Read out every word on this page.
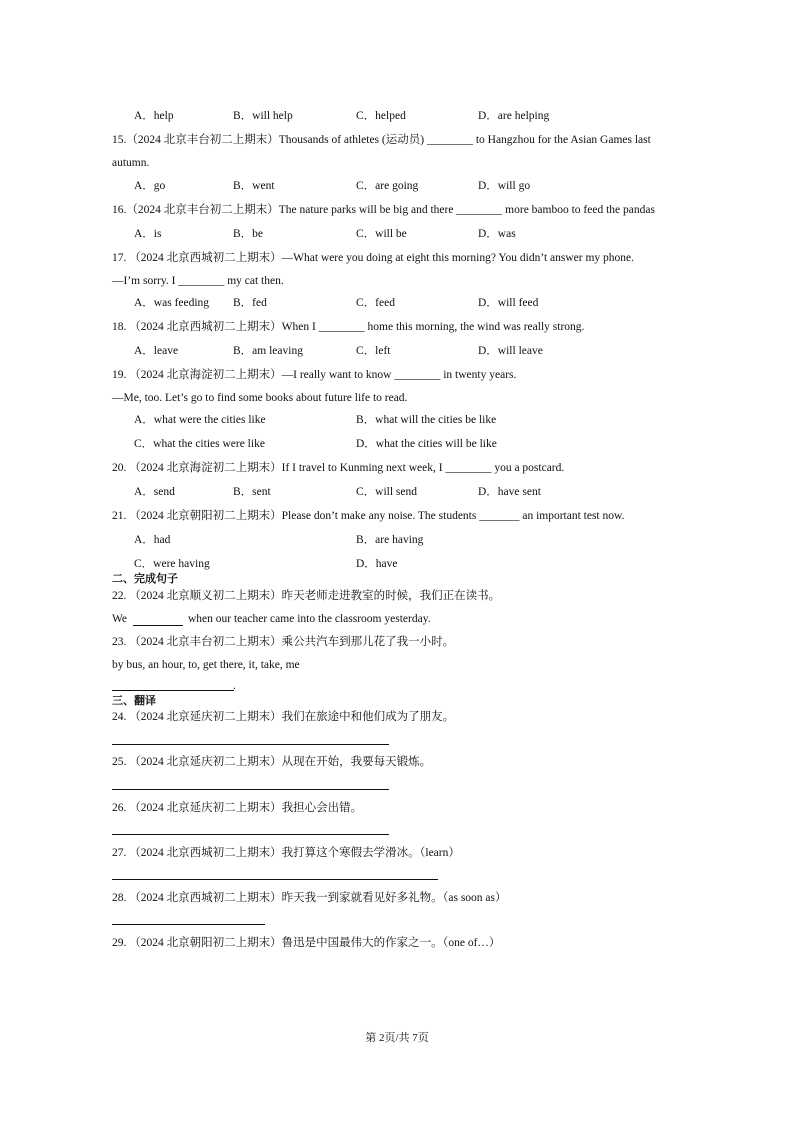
A．help	B．will help	C．helped	D．are helping
15.（2024 北京丰台初二上期末）Thousands of athletes (运动员) ________ to Hangzhou for the Asian Games last
autumn.
A．go	B．went	C．are going	D．will go
16.（2024 北京丰台初二上期末）The nature parks will be big and there ________ more bamboo to feed the pandas
A．is	B．be	C．will be	D．was
17. （2024 北京西城初二上期末）—What were you doing at eight this morning? You didn’t answer my phone.
—I’m sorry. I ________ my cat then.
A．was feeding B．fed	C．feed	D．will feed
18. （2024 北京西城初二上期末）When I ________ home this morning, the wind was really strong.
A．leave	B．am leaving	C．left	D．will leave
19. （2024 北京海淀初二上期末）—I really want to know ________ in twenty years.
—Me, too. Let’s go to find some books about future life to read.
A．what were the cities like	B．what will the cities be like
C．what the cities were like	D．what the cities will be like
20. （2024 北京海淀初二上期末）If I travel to Kunming next week, I ________ you a postcard.
A．send	B．sent	C．will send	D．have sent
21. （2024 北京朝阳初二上期末）Please don’t make any noise. The students _______ an important test now.
A．had	B．are having
C．were having	D．have
二、完成句子
22. （2024 北京顺义初二上期末）昨天老师走进教室的时候，我们正在读书。
We	when our teacher came into the classroom yesterday.
23. （2024 北京丰台初二上期末）乘公共汽车到那儿花了我一小时。
by bus, an hour, to, get there, it, take, me
.
三、翻译
24. （2024 北京延庆初二上期末）我们在旅途中和他们成为了朋友。
25. （2024 北京延庆初二上期末）从现在开始，我要每天锻炼。
26. （2024 北京延庆初二上期末）我担心会出错。
27. （2024 北京西城初二上期末）我打算这个寒假去学滑冰。（learn）
28. （2024 北京西城初二上期末）昨天我一到家就看见好多礼物。（as soon as）
29. （2024 北京朝阳初二上期末）鲁迅是中国最伟大的作家之一。（one of…）
第 2页/共 7页
